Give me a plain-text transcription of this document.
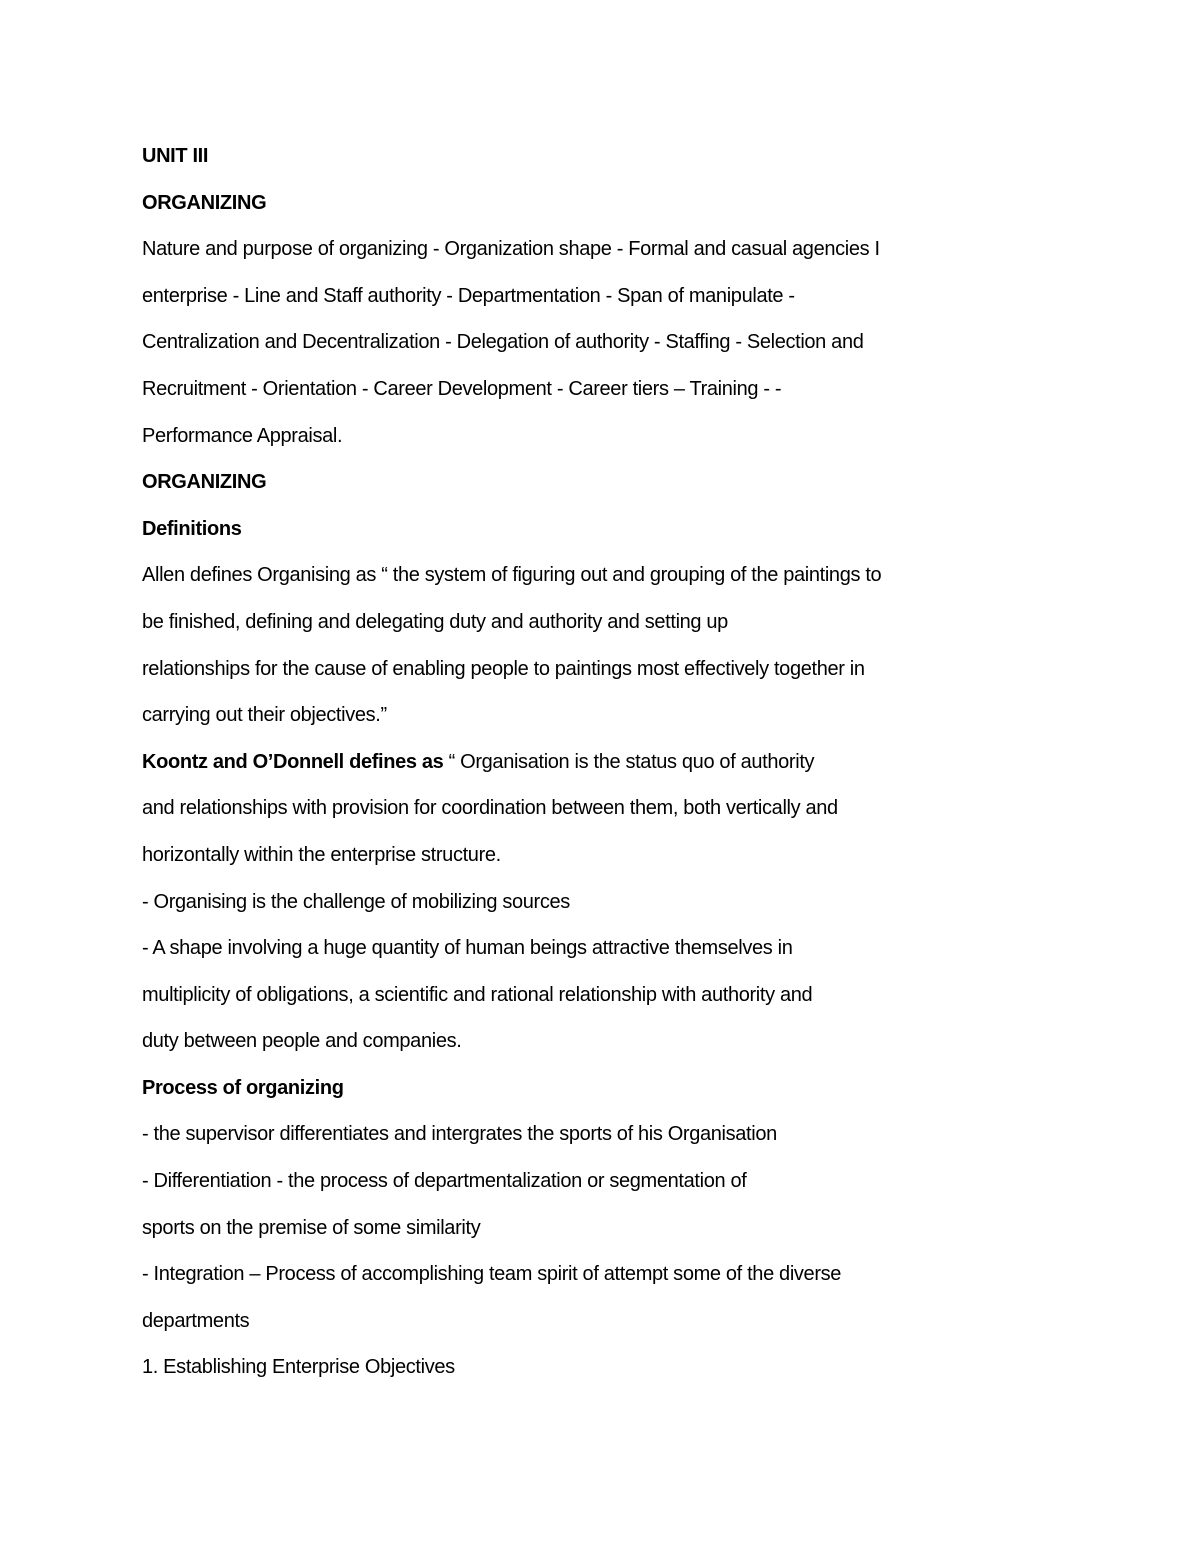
UNIT III
ORGANIZING
Nature and purpose of organizing - Organization shape - Formal and casual agencies I
enterprise - Line and Staff authority - Departmentation - Span of manipulate -
Centralization and Decentralization - Delegation of authority - Staffing - Selection and
Recruitment - Orientation - Career Development - Career tiers – Training - -
Performance Appraisal.
ORGANIZING
Definitions
Allen defines Organising as “ the system of figuring out and grouping of the paintings to
be finished, defining and delegating duty and authority and setting up
relationships for the cause of enabling people to paintings most effectively together in
carrying out their objectives.”
Koontz and O’Donnell defines as “ Organisation is the status quo of authority
and relationships with provision for coordination between them, both vertically and
horizontally within the enterprise structure.
- Organising is the challenge of mobilizing sources
- A shape involving a huge quantity of human beings attractive themselves in
multiplicity of obligations, a scientific and rational relationship with authority and
duty between people and companies.
Process of organizing
- the supervisor differentiates and intergrates the sports of his Organisation
- Differentiation - the process of departmentalization or segmentation of
sports on the premise of some similarity
- Integration – Process of accomplishing team spirit of attempt some of the diverse
departments
1. Establishing Enterprise Objectives
